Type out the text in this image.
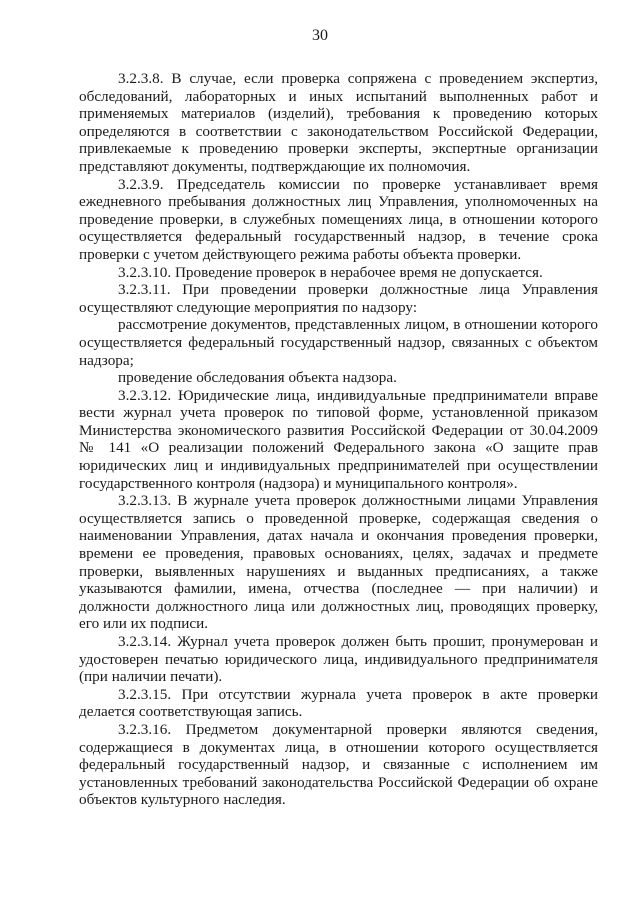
30

3.2.3.8. В случае, если проверка сопряжена с проведением экспертиз, обследований, лабораторных и иных испытаний выполненных работ и применяемых материалов (изделий), требования к проведению которых определяются в соответствии с законодательством Российской Федерации, привлекаемые к проведению проверки эксперты, экспертные организации представляют документы, подтверждающие их полномочия.

3.2.3.9. Председатель комиссии по проверке устанавливает время ежедневного пребывания должностных лиц Управления, уполномоченных на проведение проверки, в служебных помещениях лица, в отношении которого осуществляется федеральный государственный надзор, в течение срока проверки с учетом действующего режима работы объекта проверки.

3.2.3.10. Проведение проверок в нерабочее время не допускается.

3.2.3.11. При проведении проверки должностные лица Управления осуществляют следующие мероприятия по надзору:

рассмотрение документов, представленных лицом, в отношении которого осуществляется федеральный государственный надзор, связанных с объектом надзора;

проведение обследования объекта надзора.

3.2.3.12. Юридические лица, индивидуальные предприниматели вправе вести журнал учета проверок по типовой форме, установленной приказом Министерства экономического развития Российской Федерации от 30.04.2009 № 141 «О реализации положений Федерального закона «О защите прав юридических лиц и индивидуальных предпринимателей при осуществлении государственного контроля (надзора) и муниципального контроля».

3.2.3.13. В журнале учета проверок должностными лицами Управления осуществляется запись о проведенной проверке, содержащая сведения о наименовании Управления, датах начала и окончания проведения проверки, времени ее проведения, правовых основаниях, целях, задачах и предмете проверки, выявленных нарушениях и выданных предписаниях, а также указываются фамилии, имена, отчества (последнее — при наличии) и должности должностного лица или должностных лиц, проводящих проверку, его или их подписи.

3.2.3.14. Журнал учета проверок должен быть прошит, пронумерован и удостоверен печатью юридического лица, индивидуального предпринимателя (при наличии печати).

3.2.3.15. При отсутствии журнала учета проверок в акте проверки делается соответствующая запись.

3.2.3.16. Предметом документарной проверки являются сведения, содержащиеся в документах лица, в отношении которого осуществляется федеральный государственный надзор, и связанные с исполнением им установленных требований законодательства Российской Федерации об охране объектов культурного наследия.
